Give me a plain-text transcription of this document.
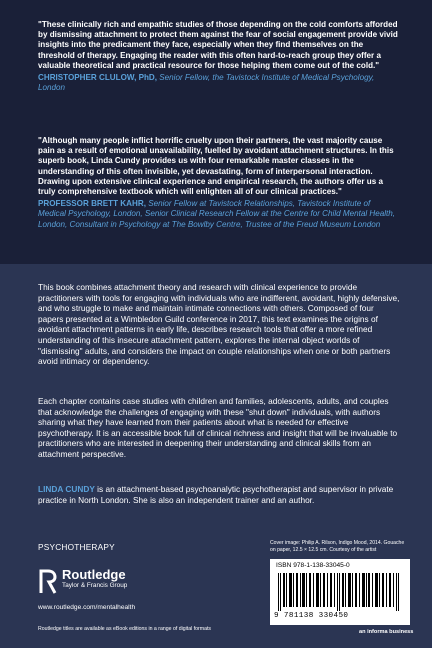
"These clinically rich and empathic studies of those depending on the cold comforts afforded by dismissing attachment to protect them against the fear of social engagement provide vivid insights into the predicament they face, especially when they find themselves on the threshold of therapy. Engaging the reader with this often hard-to-reach group they offer a valuable theoretical and practical resource for those helping them come out of the cold."
CHRISTOPHER CLULOW, PhD, Senior Fellow, the Tavistock Institute of Medical Psychology, London
"Although many people inflict horrific cruelty upon their partners, the vast majority cause pain as a result of emotional unavailability, fuelled by avoidant attachment structures. In this superb book, Linda Cundy provides us with four remarkable master classes in the understanding of this often invisible, yet devastating, form of interpersonal interaction. Drawing upon extensive clinical experience and empirical research, the authors offer us a truly comprehensive textbook which will enlighten all of our clinical practices."
PROFESSOR BRETT KAHR, Senior Fellow at Tavistock Relationships, Tavistock Institute of Medical Psychology, London, Senior Clinical Research Fellow at the Centre for Child Mental Health, London, Consultant in Psychology at The Bowlby Centre, Trustee of the Freud Museum London
This book combines attachment theory and research with clinical experience to provide practitioners with tools for engaging with individuals who are indifferent, avoidant, highly defensive, and who struggle to make and maintain intimate connections with others. Composed of four papers presented at a Wimbledon Guild conference in 2017, this text examines the origins of avoidant attachment patterns in early life, describes research tools that offer a more refined understanding of this insecure attachment pattern, explores the internal object worlds of "dismissing" adults, and considers the impact on couple relationships when one or both partners avoid intimacy or dependency.
Each chapter contains case studies with children and families, adolescents, adults, and couples that acknowledge the challenges of engaging with these "shut down" individuals, with authors sharing what they have learned from their patients about what is needed for effective psychotherapy. It is an accessible book full of clinical richness and insight that will be invaluable to practitioners who are interested in deepening their understanding and clinical skills from an attachment perspective.
LINDA CUNDY is an attachment-based psychoanalytic psychotherapist and supervisor in private practice in North London. She is also an independent trainer and an author.
PSYCHOTHERAPY
Routledge
Taylor & Francis Group
www.routledge.com/mentalhealth
Routledge titles are available as eBook editions in a range of digital formats
Cover image: Philip A. Rilson, Indigo Mood, 2014. Gouache on paper, 12.5 × 12.5 cm. Courtesy of the artist
ISBN 978-1-138-33045-0
9 781138 330450
an informa business
